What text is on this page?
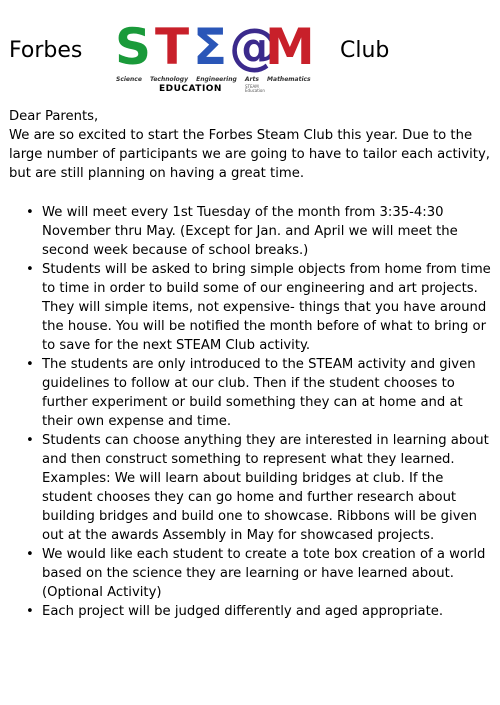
Forbes S T Σ @
M
Science Technology Engineering Arts Mathematics
EDUCATION	STEAM Education
Club

Dear Parents,

We are so excited to start the Forbes Steam Club this year. Due to the large number of participants we are going to have to tailor each activity, but are still planning on having a great time.

• We will meet every 1st Tuesday of the month from 3:35-4:30 November thru May. (Except for Jan. and April we will meet the second week because of school breaks.)
• Students will be asked to bring simple objects from home from time to time in order to build some of our engineering and art projects. They will simple items, not expensive- things that you have around the house. You will be notified the month before of what to bring or to save for the next STEAM Club activity.
• The students are only introduced to the STEAM activity and given guidelines to follow at our club. Then if the student chooses to further experiment or build something they can at home and at their own expense and time.
• Students can choose anything they are interested in learning about and then construct something to represent what they learned. Examples: We will learn about building bridges at club. If the student chooses they can go home and further research about building bridges and build one to showcase. Ribbons will be given out at the awards Assembly in May for showcased projects.
• We would like each student to create a tote box creation of a world based on the science they are learning or have learned about. (Optional Activity)
• Each project will be judged differently and aged appropriate.
